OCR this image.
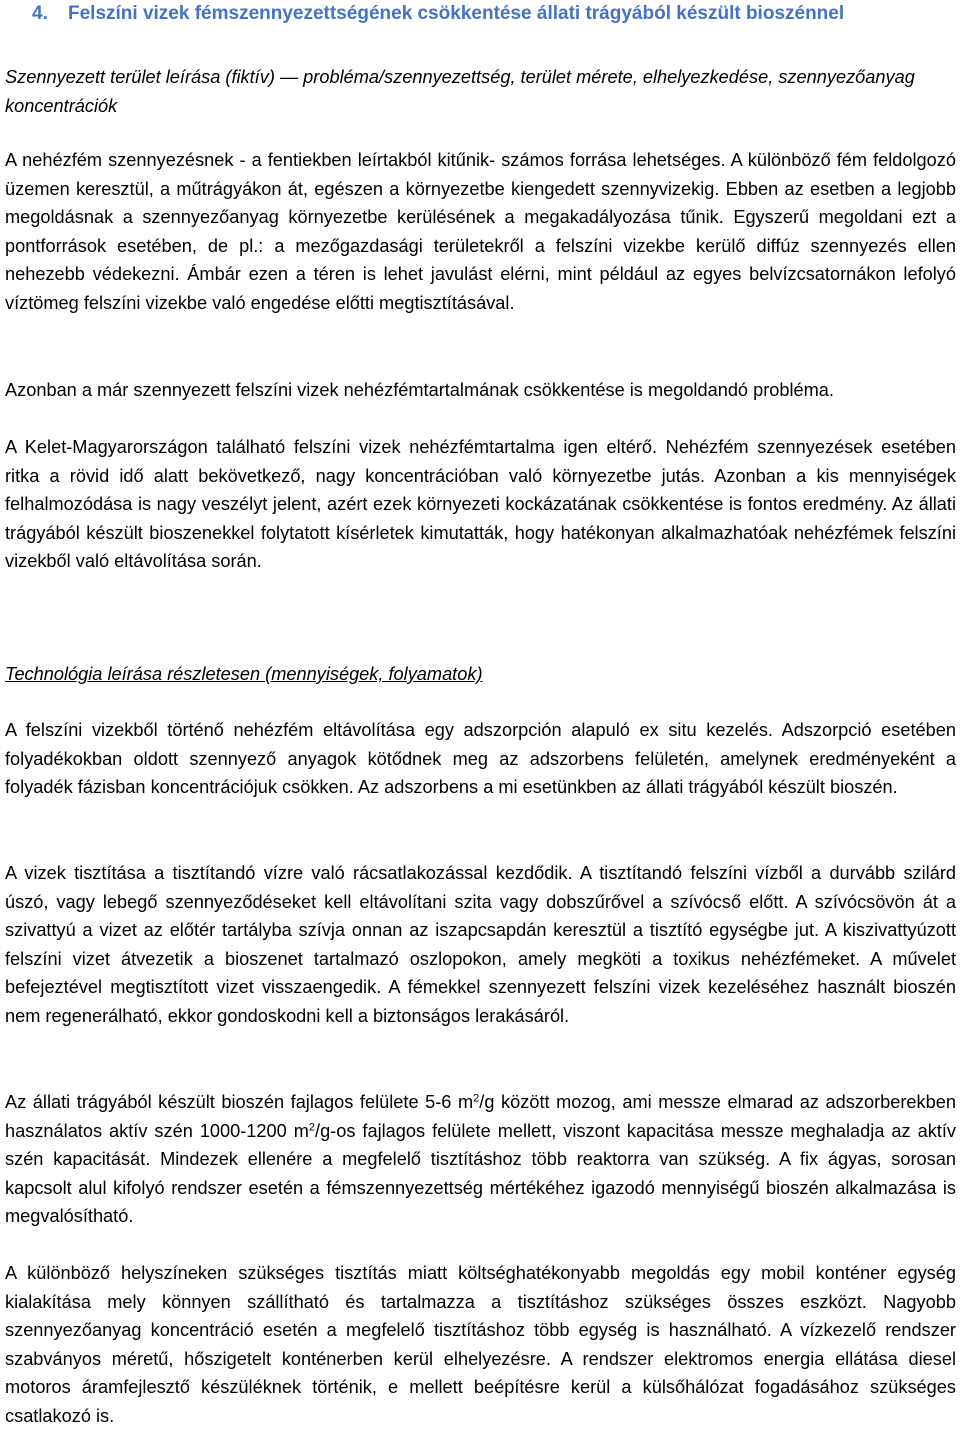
4. Felszíni vizek fémszennyezettségének csökkentése állati trágyából készült bioszénnel
Szennyezett terület leírása (fiktív) — probléma/szennyezettség, terület mérete, elhelyezkedése, szennyezőanyag koncentrációk
A nehézfém szennyezésnek - a fentiekben leírtakból kitűnik- számos forrása lehetséges. A különböző fém feldolgozó üzemen keresztül, a műtrágyákon át, egészen a környezetbe kiengedett szennyvizekig. Ebben az esetben a legjobb megoldásnak a szennyezőanyag környezetbe kerülésének a megakadályozása tűnik. Egyszerű megoldani ezt a pontforrások esetében, de pl.: a mezőgazdasági területekről a felszíni vizekbe kerülő diffúz szennyezés ellen nehezebb védekezni. Ámbár ezen a téren is lehet javulást elérni, mint például az egyes belvízcsatornákon lefolyó víztömeg felszíni vizekbe való engedése előtti megtisztításával.
Azonban a már szennyezett felszíni vizek nehézfémtartalmának csökkentése is megoldandó probléma.
A Kelet-Magyarországon található felszíni vizek nehézfémtartalma igen eltérő. Nehézfém szennyezések esetében ritka a rövid idő alatt bekövetkező, nagy koncentrációban való környezetbe jutás. Azonban a kis mennyiségek felhalmozódása is nagy veszélyt jelent, azért ezek környezeti kockázatának csökkentése is fontos eredmény. Az állati trágyából készült bioszenekkel folytatott kísérletek kimutatták, hogy hatékonyan alkalmazhatóak nehézfémek felszíni vizekből való eltávolítása során.
Technológia leírása részletesen (mennyiségek, folyamatok)
A felszíni vizekből történő nehézfém eltávolítása egy adszorpción alapuló ex situ kezelés. Adszorpció esetében folyadékokban oldott szennyező anyagok kötődnek meg az adszorbens felületén, amelynek eredményeként a folyadék fázisban koncentrációjuk csökken. Az adszorbens a mi esetünkben az állati trágyából készült bioszén.
A vizek tisztítása a tisztítandó vízre való rácsatlakozással kezdődik. A tisztítandó felszíni vízből a durvább szilárd úszó, vagy lebegő szennyeződéseket kell eltávolítani szita vagy dobszűrővel a szívócső előtt. A szívócsövön át a szivattyú a vizet az előtér tartályba szívja onnan az iszapcsapdán keresztül a tisztító egységbe jut. A kiszivattyúzott felszíni vizet átvezetik a bioszenet tartalmazó oszlopokon, amely megköti a toxikus nehézfémeket. A művelet befejeztével megtisztított vizet visszaengedik. A fémekkel szennyezett felszíni vizek kezeléséhez használt bioszén nem regenerálható, ekkor gondoskodni kell a biztonságos lerakásáról.
Az állati trágyából készült bioszén fajlagos felülete 5-6 $m^2/g$ között mozog, ami messze elmarad az adszorberekben használatos aktív szén 1000-1200 $m^2/g-os$ fajlagos felülete mellett, viszont kapacitása messze meghaladja az aktív szén kapacitását. Mindezek ellenére a megfelelő tisztításhoz több reaktorra van szükség. A fix ágyas, sorosan kapcsolt alul kifolyó rendszer esetén a fémszennyezettség mértékéhez igazodó mennyiségű bioszén alkalmazása is megvalósítható.
A különböző helyszíneken szükséges tisztítás miatt költséghatékonyabb megoldás egy mobil konténer egység kialakítása mely könnyen szállítható és tartalmazza a tisztításhoz szükséges összes eszközt. Nagyobb szennyezőanyag koncentráció esetén a megfelelő tisztításhoz több egység is használható. A vízkezelő rendszer szabványos méretű, hőszigetelt konténerben kerül elhelyezésre. A rendszer elektromos energia ellátása diesel motoros áramfejlesztő készüléknek történik, e mellett beépítésre kerül a külsőhálózat fogadásához szükséges csatlakozó is.
